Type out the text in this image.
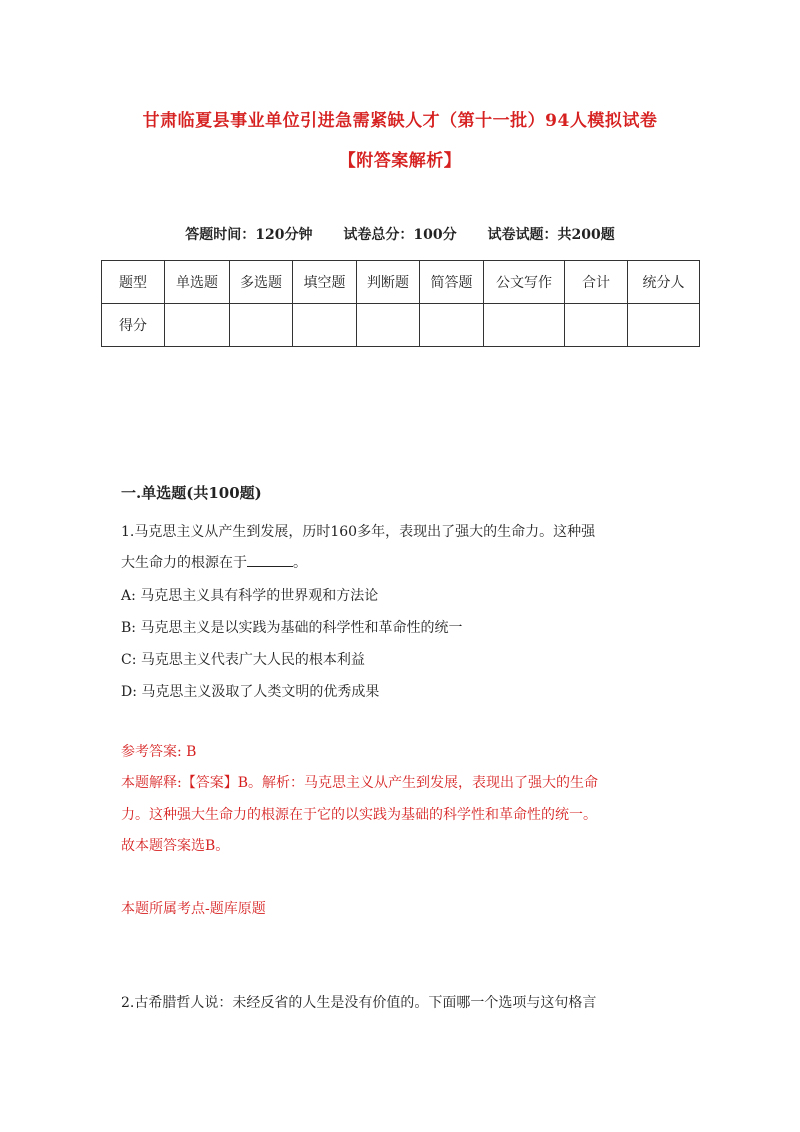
甘肃临夏县事业单位引进急需紧缺人才（第十一批）94人模拟试卷
【附答案解析】
答题时间：120分钟 试卷总分：100分 试卷试题：共200题
题型	单选题	多选题	填空题	判断题	简答题	公文写作	合计	统分人
得分								
一.单选题(共100题)
1.马克思主义从产生到发展，历时160多年，表现出了强大的生命力。这种强
大生命力的根源在于	。
A: 马克思主义具有科学的世界观和方法论
B: 马克思主义是以实践为基础的科学性和革命性的统一
C: 马克思主义代表广大人民的根本利益
D: 马克思主义汲取了人类文明的优秀成果
参考答案: B
本题解释:【答案】B。解析：马克思主义从产生到发展，表现出了强大的生命
力。这种强大生命力的根源在于它的以实践为基础的科学性和革命性的统一。
故本题答案选B。
本题所属考点-题库原题
2.古希腊哲人说：未经反省的人生是没有价值的。下面哪一个选项与这句格言
